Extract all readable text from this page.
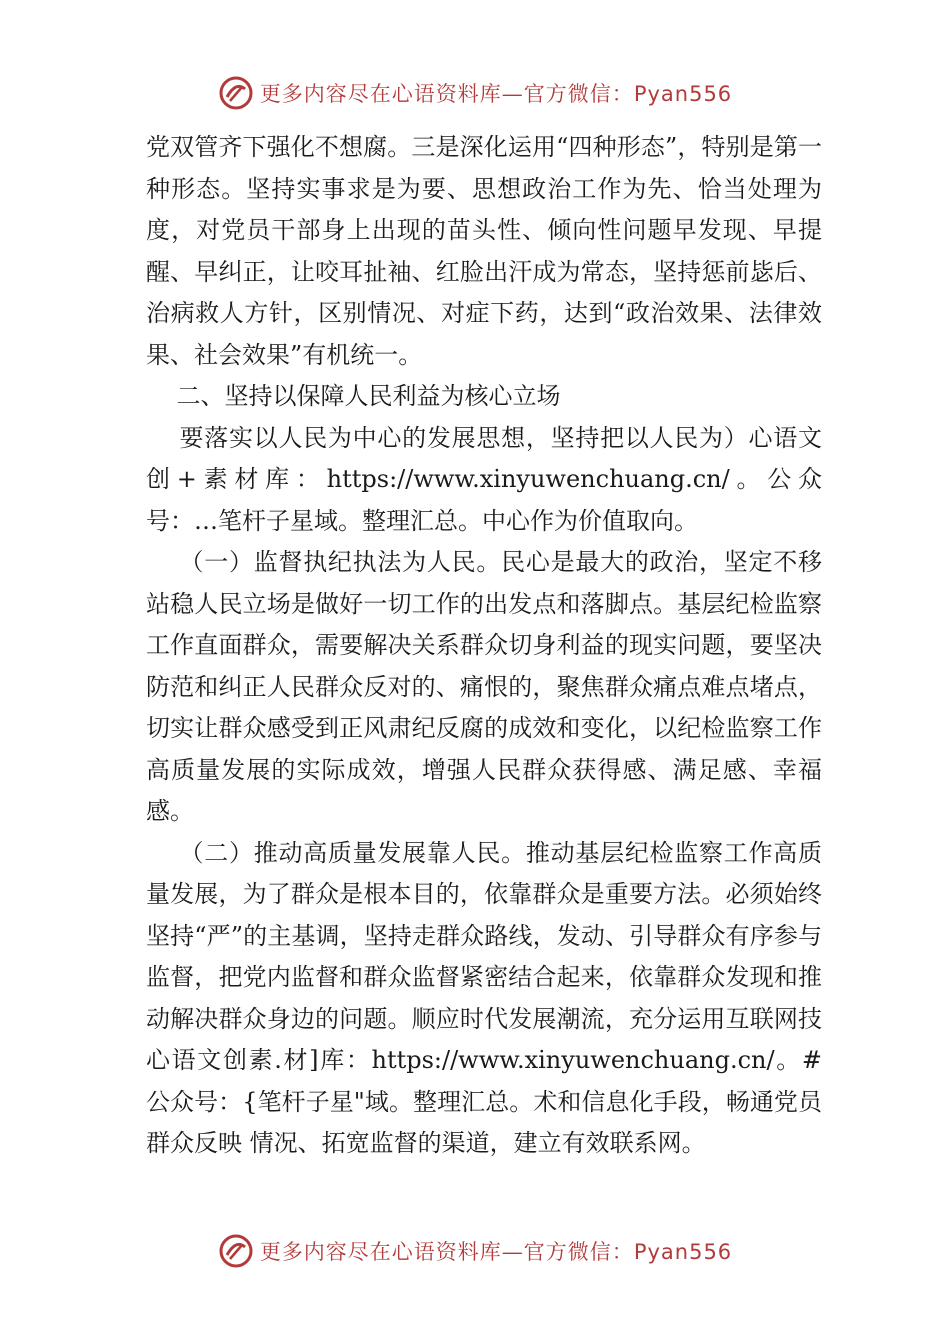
更多内容尽在心语资料库—官方微信：Pyan556

党双管齐下强化不想腐。三是深化运用“四种形态”，特别是第一种形态。坚持实事求是为要、思想政治工作为先、恰当处理为度，对党员干部身上出现的苗头性、倾向性问题早发现、早提醒、早纠正，让咬耳扯袖、红脸出汗成为常态，坚持惩前毖后、治病救人方针，区别情况、对症下药，达到“政治效果、法律效果、社会效果”有机统一。

二、坚持以保障人民利益为核心立场

要落实以人民为中心的发展思想，坚持把以人民为）心语文创+素材库：https://www.xinyuwenchuang.cn/。公众号：…笔杆子星域。整理汇总。中心作为价值取向。

（一）监督执纪执法为人民。民心是最大的政治，坚定不移站稳人民立场是做好一切工作的出发点和落脚点。基层纪检监察工作直面群众，需要解决关系群众切身利益的现实问题，要坚决防范和纠正人民群众反对的、痛恨的，聚焦群众痛点难点堵点，切实让群众感受到正风肃纪反腐的成效和变化，以纪检监察工作高质量发展的实际成效，增强人民群众获得感、满足感、幸福感。

（二）推动高质量发展靠人民。推动基层纪检监察工作高质量发展，为了群众是根本目的，依靠群众是重要方法。必须始终坚持“严”的主基调，坚持走群众路线，发动、引导群众有序参与监督，把党内监督和群众监督紧密结合起来，依靠群众发现和推动解决群众身边的问题。顺应时代发展潮流，充分运用互联网技心语文创素.材]库：https://www.xinyuwenchuang.cn/。#公众号：{笔杆子星"域。整理汇总。术和信息化手段，畅通党员群众反映 情况、拓宽监督的渠道，建立有效联系网。

更多内容尽在心语资料库—官方微信：Pyan556
